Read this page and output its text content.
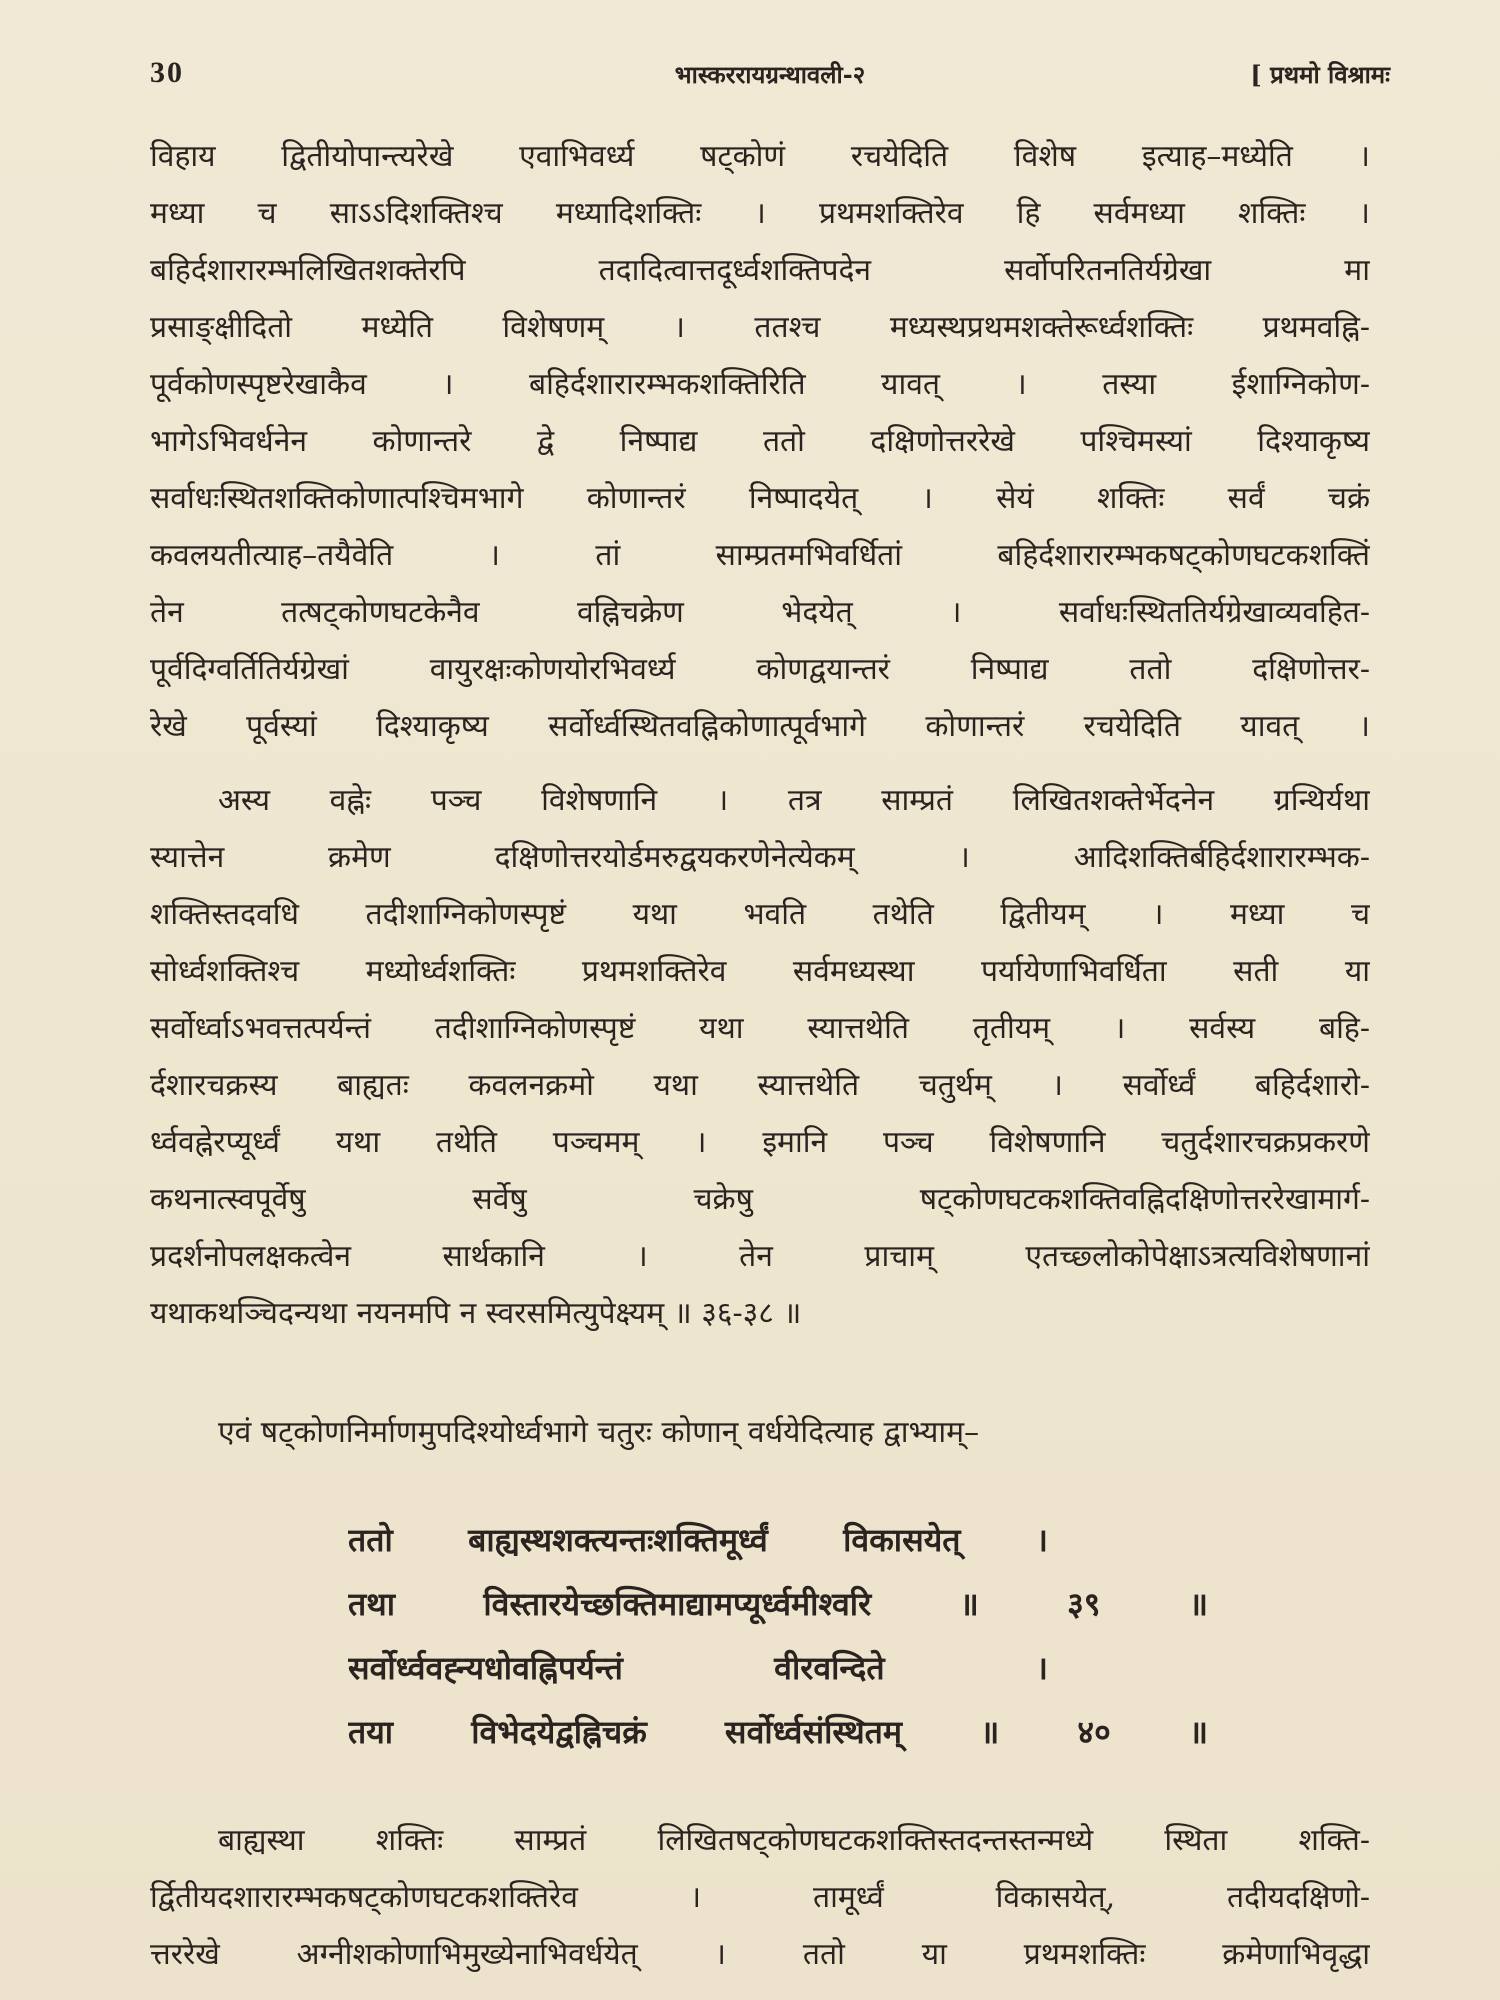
30	भास्कररायग्रन्थावली-२	[ प्रथमो विश्रामः
विहाय द्वितीयोपान्त्यरेखे एवाभिवर्ध्य षट्कोणं रचयेदिति विशेष इत्याह–मध्येति ।
मध्या च साऽऽदिशक्तिश्च मध्यादिशक्तिः । प्रथमशक्तिरेव हि सर्वमध्या शक्तिः ।
बहिर्दशारारम्भलिखितशक्तेरपि तदादित्वात्तदूर्ध्वशक्तिपदेन सर्वोपरितनतिर्यग्रेखा मा
प्रसाङ्क्षीदितो मध्येति विशेषणम् । ततश्च मध्यस्थप्रथमशक्तेरूर्ध्वशक्तिः प्रथमवह्नि-
पूर्वकोणस्पृष्टरेखाकैव । बहिर्दशारारम्भकशक्तिरिति यावत् । तस्या ईशाग्निकोण-
भागेऽभिवर्धनेन कोणान्तरे द्वे निष्पाद्य ततो दक्षिणोत्तररेखे पश्चिमस्यां दिश्याकृष्य
सर्वाधःस्थितशक्तिकोणात्पश्चिमभागे कोणान्तरं निष्पादयेत् । सेयं शक्तिः सर्वं चक्रं
कवलयतीत्याह–तयैवेति । तां साम्प्रतमभिवर्धितां बहिर्दशारारम्भकषट्कोणघटकशक्तिं
तेन तत्षट्कोणघटकेनैव वह्निचक्रेण भेदयेत् । सर्वाधःस्थिततिर्यग्रेखाव्यवहित-
पूर्वदिग्वर्तितिर्यग्रेखां वायुरक्षःकोणयोरभिवर्ध्य कोणद्वयान्तरं निष्पाद्य ततो दक्षिणोत्तर-
रेखे पूर्वस्यां दिश्याकृष्य सर्वोर्ध्वस्थितवह्निकोणात्पूर्वभागे कोणान्तरं रचयेदिति यावत् ।
अस्य वह्नेः पञ्च विशेषणानि । तत्र साम्प्रतं लिखितशक्तेर्भेदनेन ग्रन्थिर्यथा
स्यात्तेन क्रमेण दक्षिणोत्तरयोर्डमरुद्वयकरणेनेत्येकम् । आदिशक्तिर्बहिर्दशारारम्भक-
शक्तिस्तदवधि तदीशाग्निकोणस्पृष्टं यथा भवति तथेति द्वितीयम् । मध्या च
सोर्ध्वशक्तिश्च मध्योर्ध्वशक्तिः प्रथमशक्तिरेव सर्वमध्यस्था पर्यायेणाभिवर्धिता सती या
सर्वोर्ध्वाऽभवत्तत्पर्यन्तं तदीशाग्निकोणस्पृष्टं यथा स्यात्तथेति तृतीयम् । सर्वस्य बहि-
र्दशारचक्रस्य बाह्यतः कवलनक्रमो यथा स्यात्तथेति चतुर्थम् । सर्वोर्ध्वं बहिर्दशारो-
र्ध्ववह्नेरप्यूर्ध्वं यथा तथेति पञ्चमम् । इमानि पञ्च विशेषणानि चतुर्दशारचक्रप्रकरणे
कथनात्स्वपूर्वेषु सर्वेषु चक्रेषु षट्कोणघटकशक्तिवह्निदक्षिणोत्तररेखामार्ग-
प्रदर्शनोपलक्षकत्वेन सार्थकानि । तेन प्राचाम् एतच्छ्लोकोपेक्षाऽत्रत्यविशेषणानां
यथाकथञ्चिदन्यथा नयनमपि न स्वरसमित्युपेक्ष्यम् ॥ ३६-३८ ॥
एवं षट्कोणनिर्माणमुपदिश्योर्ध्वभागे चतुरः कोणान् वर्धयेदित्याह द्वाभ्याम्–
ततो बाह्यस्थशक्त्यन्तःशक्तिमूर्ध्वं विकासयेत् ।
तथा विस्तारयेच्छक्तिमाद्यामप्यूर्ध्वमीश्वरि ॥ ३९ ॥
सर्वोर्ध्ववह्न्यधोवह्निपर्यन्तं वीरवन्दिते ।
तया विभेदयेद्वह्निचक्रं सर्वोर्ध्वसंस्थितम् ॥ ४० ॥
बाह्यस्था शक्तिः साम्प्रतं लिखितषट्कोणघटकशक्तिस्तदन्तस्तन्मध्ये स्थिता शक्ति-
र्द्वितीयदशारारम्भकषट्कोणघटकशक्तिरेव । तामूर्ध्वं विकासयेत्, तदीयदक्षिणो-
त्तररेखे अग्नीशकोणाभिमुख्येनाभिवर्धयेत् । ततो या प्रथमशक्तिः क्रमेणाभिवृद्धा
